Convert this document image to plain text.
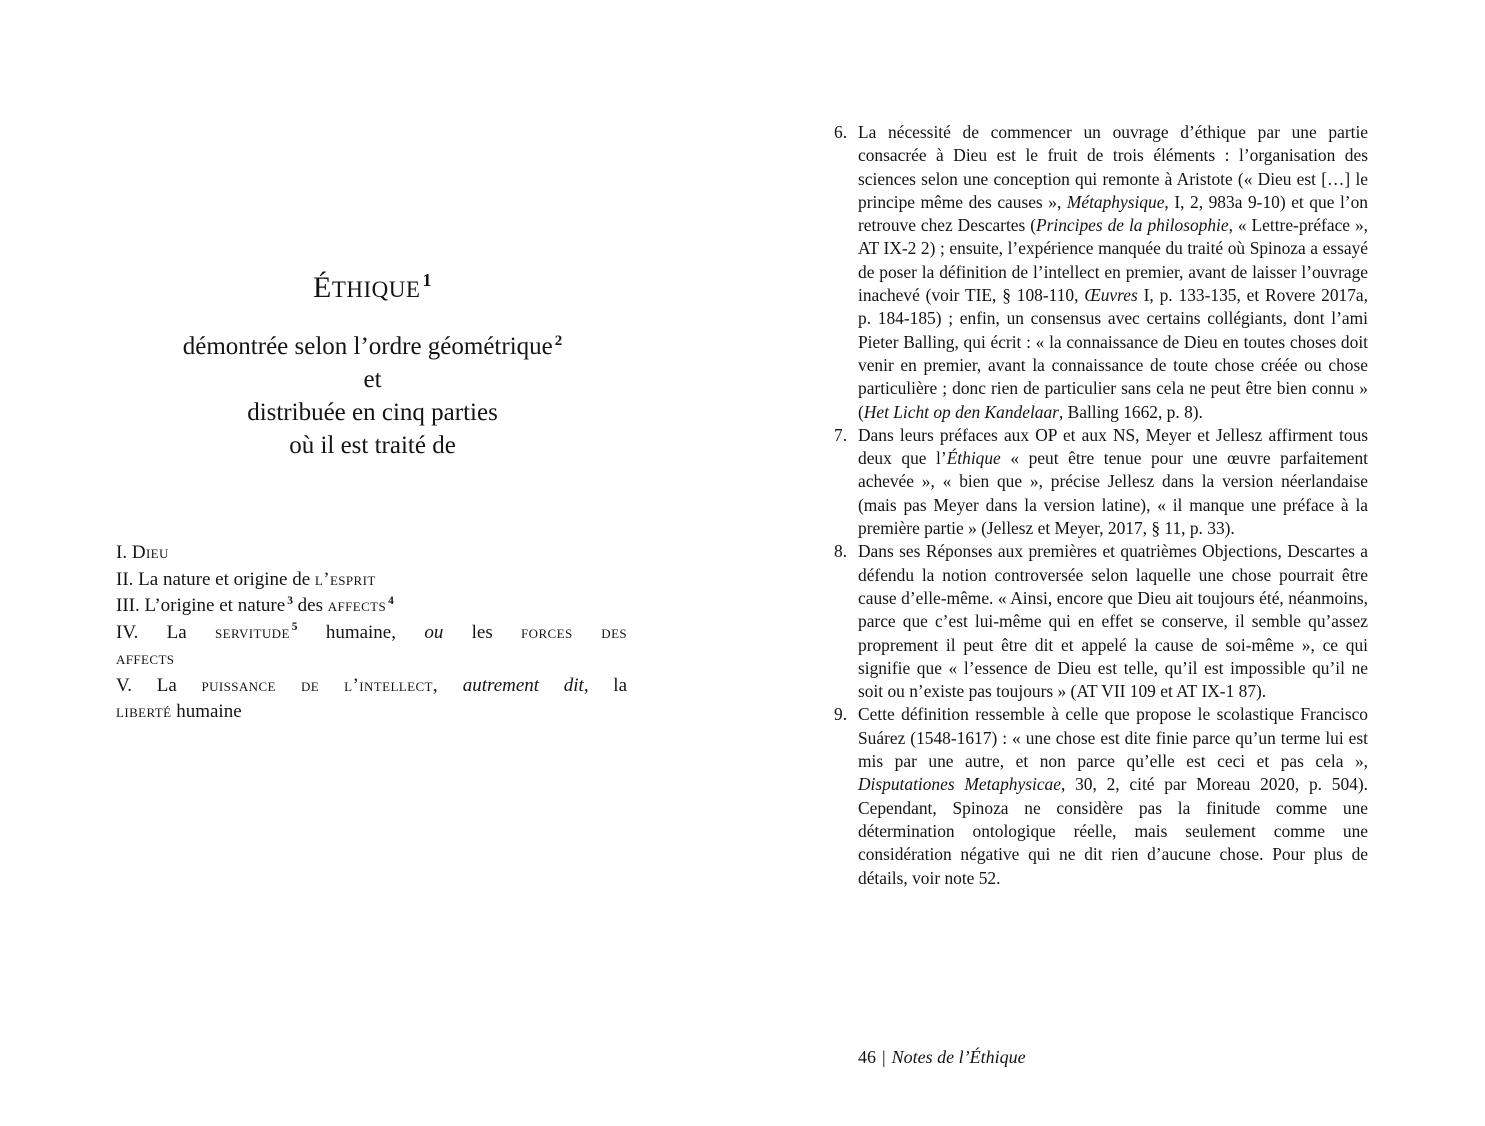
ÉTHIQUE $^1$
démontrée selon l’ordre géométrique $^2$
et
distribuée en cinq parties
où il est traité de
I. Dieu
II. La nature et origine de l’esprit
III. L’origine et nature $^3$ des affects $^4$
IV. La servitude $^5$ humaine, ou les forces des
affects
V. La puissance de l’intellect, autrement dit, la
liberté humaine
6. La nécessité de commencer un ouvrage d’éthique par une partie consacrée à Dieu est le fruit de trois éléments : l’organisation des sciences selon une conception qui remonte à Aristote (« Dieu est […] le principe même des causes », Métaphysique, I, 2, 983a 9-10) et que l’on retrouve chez Descartes (Principes de la philosophie, « Lettre-préface », AT IX-2 2) ; ensuite, l’expérience manquée du traité où Spinoza a essayé de poser la définition de l’intellect en premier, avant de laisser l’ouvrage inachevé (voir TIE, § 108-110, Œuvres I, p. 133-135, et Rovere 2017a, p. 184-185) ; enfin, un consensus avec certains collégiants, dont l’ami Pieter Balling, qui écrit : « la connaissance de Dieu en toutes choses doit venir en premier, avant la connaissance de toute chose créée ou chose particulière ; donc rien de particulier sans cela ne peut être bien connu » (Het Licht op den Kandelaar, Balling 1662, p. 8).
7. Dans leurs préfaces aux OP et aux NS, Meyer et Jellesz affirment tous deux que l’Éthique « peut être tenue pour une œuvre parfaitement achevée », « bien que », précise Jellesz dans la version néerlandaise (mais pas Meyer dans la version latine), « il manque une préface à la première partie » (Jellesz et Meyer, 2017, § 11, p. 33).
8. Dans ses Réponses aux premières et quatrièmes Objections, Descartes a défendu la notion controversée selon laquelle une chose pourrait être cause d’elle-même. « Ainsi, encore que Dieu ait toujours été, néanmoins, parce que c’est lui-même qui en effet se conserve, il semble qu’assez proprement il peut être dit et appelé la cause de soi-même », ce qui signifie que « l’essence de Dieu est telle, qu’il est impossible qu’il ne soit ou n’existe pas toujours » (AT VII 109 et AT IX-1 87).
9. Cette définition ressemble à celle que propose le scolastique Francisco Suárez (1548-1617) : « une chose est dite finie parce qu’un terme lui est mis par une autre, et non parce qu’elle est ceci et pas cela », Disputationes Metaphysicae, 30, 2, cité par Moreau 2020, p. 504). Cependant, Spinoza ne considère pas la finitude comme une détermination ontologique réelle, mais seulement comme une considération négative qui ne dit rien d’aucune chose. Pour plus de détails, voir note 52.
46 | Notes de l’Éthique
